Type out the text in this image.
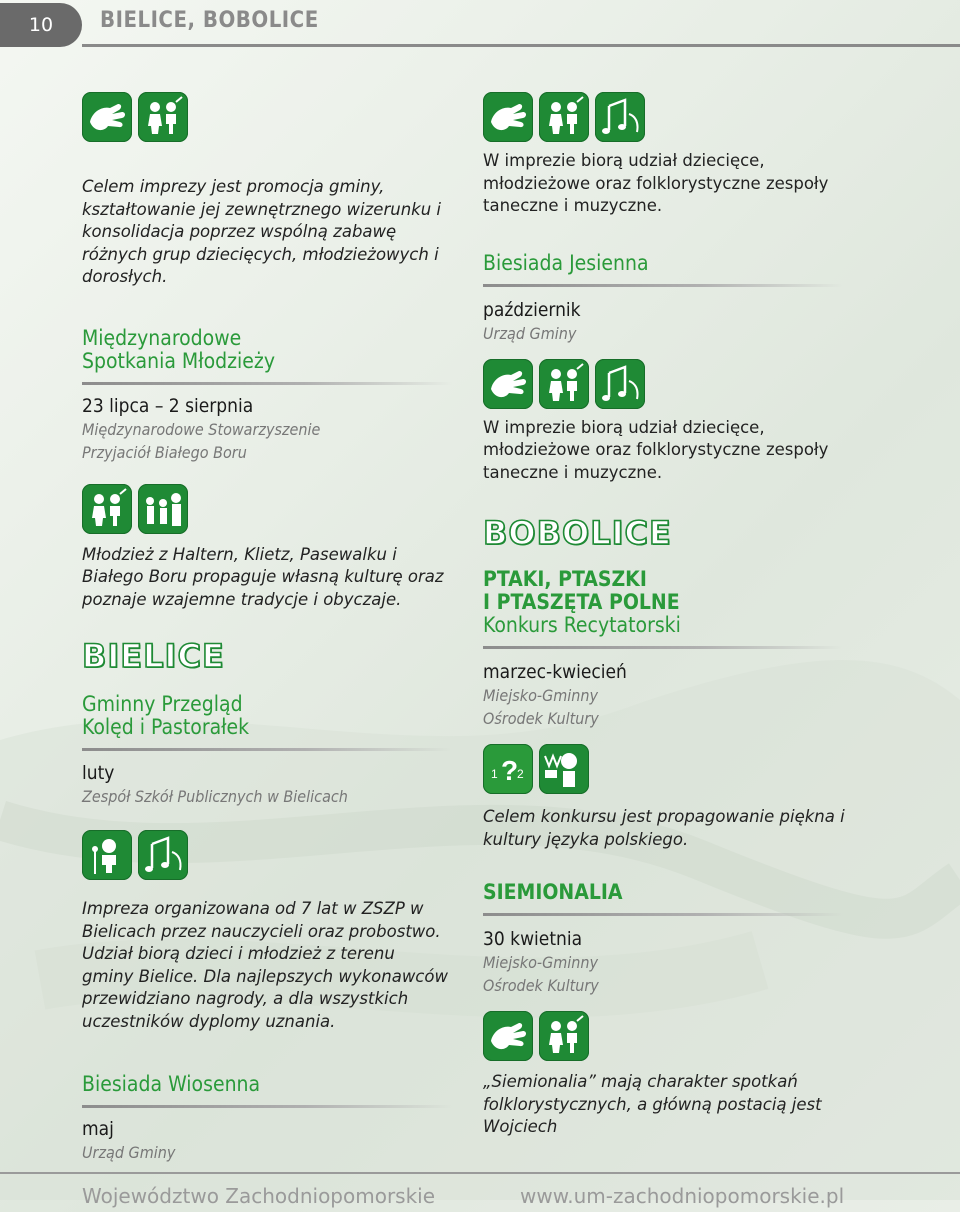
10	BIELICE, BOBOLICE

Celem imprezy jest promocja gminy, kształtowanie jej zewnętrznego wizerunku i konsolidacja poprzez wspólną zabawę różnych grup dziecięcych, młodzieżowych i dorosłych.

Międzynarodowe
Spotkania Młodzieży

23 lipca – 2 sierpnia

Międzynarodowe Stowarzyszenie

Przyjaciół Białego Boru

Młodzież z Haltern, Klietz, Pasewalku i Białego Boru propaguje własną kulturę oraz poznaje wzajemne tradycje i obyczaje.

BIELICE

Gminny Przegląd
Kolęd i Pastorałek

luty

Zespół Szkół Publicznych w Bielicach

Impreza organizowana od 7 lat w ZSZP w Bielicach przez nauczycieli oraz probostwo. Udział biorą dzieci i młodzież z terenu gminy Bielice. Dla najlepszych wykonawców przewidziano nagrody, a dla wszystkich uczestników dyplomy uznania.

Biesiada Wiosenna

maj

Urząd Gminy

W imprezie biorą udział dziecięce, młodzieżowe oraz folklorystyczne zespoły taneczne i muzyczne.

Biesiada Jesienna

październik

Urząd Gminy

W imprezie biorą udział dziecięce, młodzieżowe oraz folklorystyczne zespoły taneczne i muzyczne.

BOBOLICE

PTAKI, PTASZKI
I PTASZĘTA POLNE
Konkurs Recytatorski

marzec-kwiecień

Miejsko-Gminny

Ośrodek Kultury

1 ?
2

Celem konkursu jest propagowanie piękna i kultury języka polskiego.

SIEMIONALIA

30 kwietnia

Miejsko-Gminny

Ośrodek Kultury

„Siemionalia” mają charakter spotkań folklorystycznych, a główną postacią jest Wojciech

Województwo Zachodniopomorskie	www.um-zachodniopomorskie.pl
